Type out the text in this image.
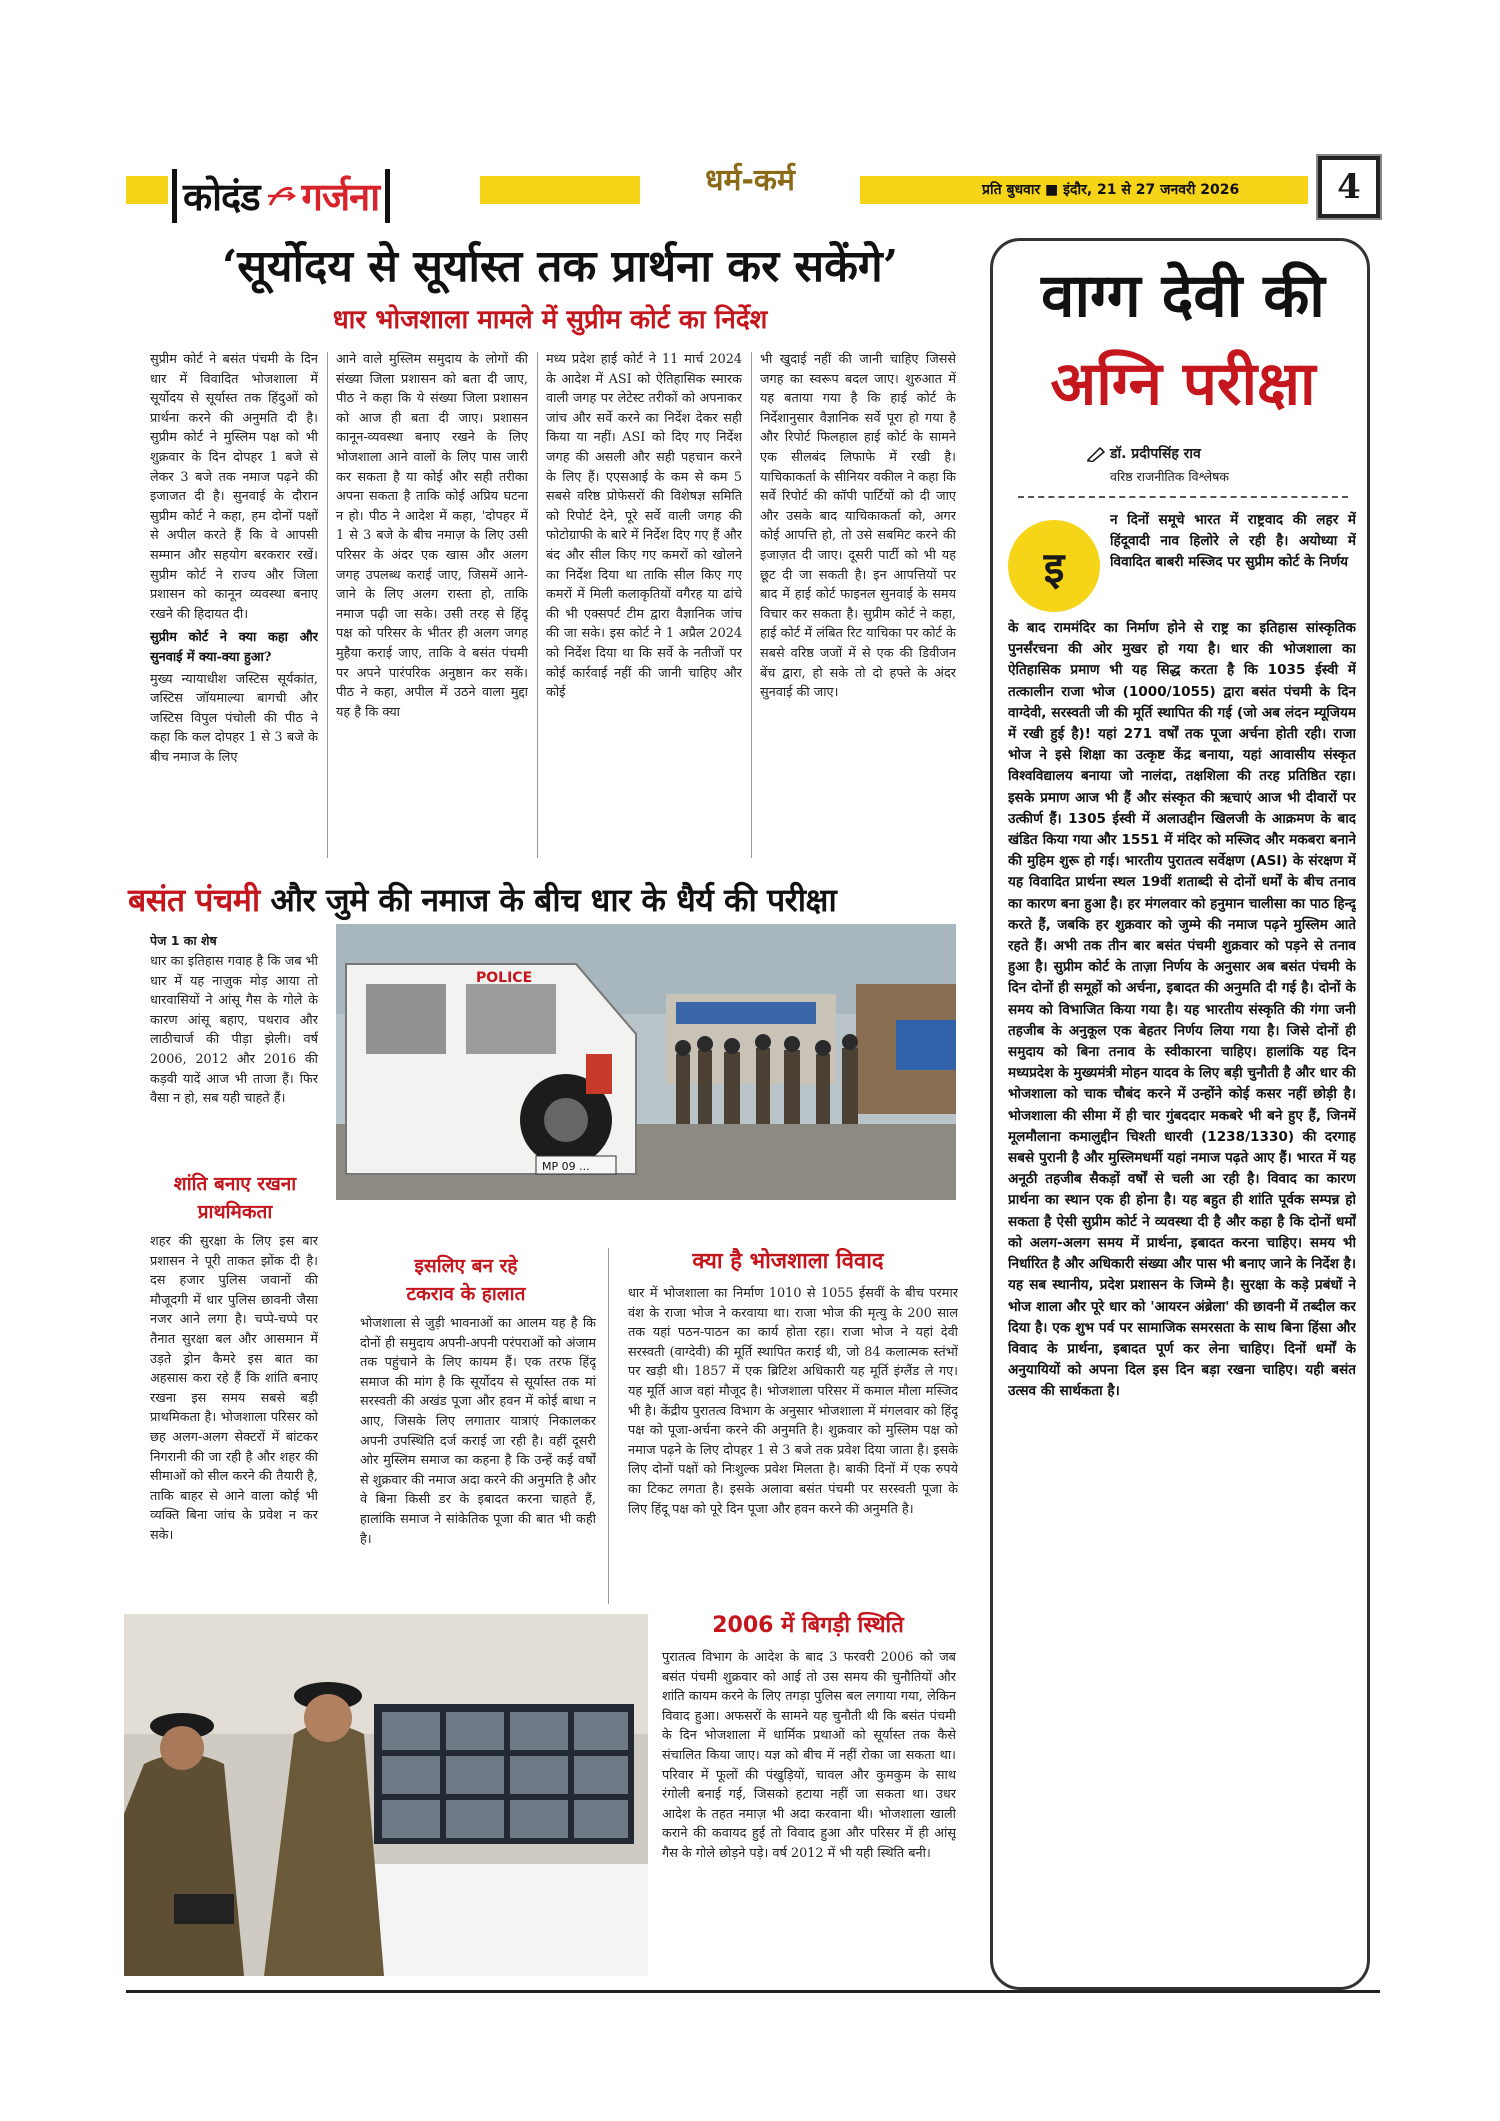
कोदंड गर्जना	धर्म-कर्म	प्रति बुधवार ■ इंदौर, 21 से 27 जनवरी 2026	4
‘सूर्योदय से सूर्यास्त तक प्रार्थना कर सकेंगे’
धार भोजशाला मामले में सुप्रीम कोर्ट का निर्देश

सुप्रीम कोर्ट ने बसंत पंचमी के दिन धार में विवादित भोजशाला में सूर्योदय से सूर्यास्त तक हिंदुओं को प्रार्थना करने की अनुमति दी है। सुप्रीम कोर्ट ने मुस्लिम पक्ष को भी शुक्रवार के दिन दोपहर 1 बजे से लेकर 3 बजे तक नमाज पढ़ने की इजाजत दी है। सुनवाई के दौरान सुप्रीम कोर्ट ने कहा, हम दोनों पक्षों से अपील करते हैं कि वे आपसी सम्मान और सहयोग बरकरार रखें। सुप्रीम कोर्ट ने राज्य और जिला प्रशासन को कानून व्यवस्था बनाए रखने की हिदायत दी।

सुप्रीम कोर्ट ने क्या कहा और सुनवाई में क्या-क्या हुआ?

मुख्य न्यायाधीश जस्टिस सूर्यकांत, जस्टिस जॉयमाल्या बागची और जस्टिस विपुल पंचोली की पीठ ने कहा कि कल दोपहर 1 से 3 बजे के बीच नमाज के लिए

आने वाले मुस्लिम समुदाय के लोगों की संख्या जिला प्रशासन को बता दी जाए, पीठ ने कहा कि ये संख्या जिला प्रशासन को आज ही बता दी जाए। प्रशासन कानून-व्यवस्था बनाए रखने के लिए भोजशाला आने वालों के लिए पास जारी कर सकता है या कोई और सही तरीका अपना सकता है ताकि कोई अप्रिय घटना न हो। पीठ ने आदेश में कहा, 'दोपहर में 1 से 3 बजे के बीच नमाज़ के लिए उसी परिसर के अंदर एक खास और अलग जगह उपलब्ध कराई जाए, जिसमें आने-जाने के लिए अलग रास्ता हो, ताकि नमाज पढ़ी जा सके। उसी तरह से हिंदू पक्ष को परिसर के भीतर ही अलग जगह मुहैया कराई जाए, ताकि वे बसंत पंचमी पर अपने पारंपरिक अनुष्ठान कर सकें। पीठ ने कहा, अपील में उठने वाला मुद्दा यह है कि क्या

मध्य प्रदेश हाई कोर्ट ने 11 मार्च 2024 के आदेश में ASI को ऐतिहासिक स्मारक वाली जगह पर लेटेस्ट तरीकों को अपनाकर जांच और सर्वे करने का निर्देश देकर सही किया या नहीं। ASI को दिए गए निर्देश जगह की असली और सही पहचान करने के लिए हैं। एएसआई के कम से कम 5 सबसे वरिष्ठ प्रोफेसरों की विशेषज्ञ समिति को रिपोर्ट देने, पूरे सर्वे वाली जगह की फोटोग्राफी के बारे में निर्देश दिए गए हैं और बंद और सील किए गए कमरों को खोलने का निर्देश दिया था ताकि सील किए गए कमरों में मिली कलाकृतियों वगैरह या ढांचे की भी एक्सपर्ट टीम द्वारा वैज्ञानिक जांच की जा सके। इस कोर्ट ने 1 अप्रैल 2024 को निर्देश दिया था कि सर्वे के नतीजों पर कोई कार्रवाई नहीं की जानी चाहिए और कोई

भी खुदाई नहीं की जानी चाहिए जिससे जगह का स्वरूप बदल जाए। शुरुआत में यह बताया गया है कि हाई कोर्ट के निर्देशानुसार वैज्ञानिक सर्वे पूरा हो गया है और रिपोर्ट फिलहाल हाई कोर्ट के सामने एक सीलबंद लिफाफे में रखी है। याचिकाकर्ता के सीनियर वकील ने कहा कि सर्वे रिपोर्ट की कॉपी पार्टियों को दी जाए और उसके बाद याचिकाकर्ता को, अगर कोई आपत्ति हो, तो उसे सबमिट करने की इजाज़त दी जाए। दूसरी पार्टी को भी यह छूट दी जा सकती है। इन आपत्तियों पर बाद में हाई कोर्ट फाइनल सुनवाई के समय विचार कर सकता है। सुप्रीम कोर्ट ने कहा, हाई कोर्ट में लंबित रिट याचिका पर कोर्ट के सबसे वरिष्ठ जजों में से एक की डिवीजन बेंच द्वारा, हो सके तो दो हफ्ते के अंदर सुनवाई की जाए।

बसंत पंचमी और जुमे की नमाज के बीच धार के धैर्य की परीक्षा
पेज 1 का शेष

धार का इतिहास गवाह है कि जब भी धार में यह नाज़ुक मोड़ आया तो धारवासियों ने आंसू गैस के गोले के कारण आंसू बहाए, पथराव और लाठीचार्ज की पीड़ा झेली। वर्ष 2006, 2012 और 2016 की कड़वी यादें आज भी ताजा हैं। फिर वैसा न हो, सब यही चाहते हैं।

POLICE
MP 09 ...
शांति बनाए रखना
प्राथमिकता

शहर की सुरक्षा के लिए इस बार प्रशासन ने पूरी ताकत झोंक दी है। दस हजार पुलिस जवानों की मौजूदगी में धार पुलिस छावनी जैसा नजर आने लगा है। चप्पे-चप्पे पर तैनात सुरक्षा बल और आसमान में उड़ते ड्रोन कैमरे इस बात का अहसास करा रहे हैं कि शांति बनाए रखना इस समय सबसे बड़ी प्राथमिकता है। भोजशाला परिसर को छह अलग-अलग सेक्टरों में बांटकर निगरानी की जा रही है और शहर की सीमाओं को सील करने की तैयारी है, ताकि बाहर से आने वाला कोई भी व्यक्ति बिना जांच के प्रवेश न कर सके।

इसलिए बन रहे
टकराव के हालात

भोजशाला से जुड़ी भावनाओं का आलम यह है कि दोनों ही समुदाय अपनी-अपनी परंपराओं को अंजाम तक पहुंचाने के लिए कायम हैं। एक तरफ हिंदू समाज की मांग है कि सूर्योदय से सूर्यास्त तक मां सरस्वती की अखंड पूजा और हवन में कोई बाधा न आए, जिसके लिए लगातार यात्राएं निकालकर अपनी उपस्थिति दर्ज कराई जा रही है। वहीं दूसरी ओर मुस्लिम समाज का कहना है कि उन्हें कई वर्षों से शुक्रवार की नमाज अदा करने की अनुमति है और वे बिना किसी डर के इबादत करना चाहते हैं, हालांकि समाज ने सांकेतिक पूजा की बात भी कही है।

क्या है भोजशाला विवाद

धार में भोजशाला का निर्माण 1010 से 1055 ईसवीं के बीच परमार वंश के राजा भोज ने करवाया था। राजा भोज की मृत्यु के 200 साल तक यहां पठन-पाठन का कार्य होता रहा। राजा भोज ने यहां देवी सरस्वती (वाग्देवी) की मूर्ति स्थापित कराई थी, जो 84 कलात्मक स्तंभों पर खड़ी थी। 1857 में एक ब्रिटिश अधिकारी यह मूर्ति इंग्लैंड ले गए। यह मूर्ति आज वहां मौजूद है। भोजशाला परिसर में कमाल मौला मस्जिद भी है। केंद्रीय पुरातत्व विभाग के अनुसार भोजशाला में मंगलवार को हिंदू पक्ष को पूजा-अर्चना करने की अनुमति है। शुक्रवार को मुस्लिम पक्ष को नमाज पढ़ने के लिए दोपहर 1 से 3 बजे तक प्रवेश दिया जाता है। इसके लिए दोनों पक्षों को निःशुल्क प्रवेश मिलता है। बाकी दिनों में एक रुपये का टिकट लगता है। इसके अलावा बसंत पंचमी पर सरस्वती पूजा के लिए हिंदू पक्ष को पूरे दिन पूजा और हवन करने की अनुमति है।

2006 में बिगड़ी स्थिति

पुरातत्व विभाग के आदेश के बाद 3 फरवरी 2006 को जब बसंत पंचमी शुक्रवार को आई तो उस समय की चुनौतियों और शांति कायम करने के लिए तगड़ा पुलिस बल लगाया गया, लेकिन विवाद हुआ। अफसरों के सामने यह चुनौती थी कि बसंत पंचमी के दिन भोजशाला में धार्मिक प्रथाओं को सूर्यास्त तक कैसे संचालित किया जाए। यज्ञ को बीच में नहीं रोका जा सकता था। परिवार में फूलों की पंखुड़ियों, चावल और कुमकुम के साथ रंगोली बनाई गई, जिसको हटाया नहीं जा सकता था। उधर आदेश के तहत नमाज़ भी अदा करवाना थी। भोजशाला खाली कराने की कवायद हुई तो विवाद हुआ और परिसर में ही आंसू गैस के गोले छोड़ने पड़े। वर्ष 2012 में भी यही स्थिति बनी।

वाग्ग देवी की
अग्नि परीक्षा
डॉ. प्रदीपसिंह राव
वरिष्ठ राजनीतिक विश्लेषक
इ
न दिनों समूचे भारत में राष्ट्रवाद की लहर में हिंदूवादी नाव हिलोरे ले रही है। अयोध्या में विवादित बाबरी मस्जिद पर सुप्रीम कोर्ट के निर्णय
के बाद राममंदिर का निर्माण होने से राष्ट्र का इतिहास सांस्कृतिक पुनर्संरचना की ओर मुखर हो गया है। धार की भोजशाला का ऐतिहासिक प्रमाण भी यह सिद्ध करता है कि 1035 ईस्वी में तत्कालीन राजा भोज (1000/1055) द्वारा बसंत पंचमी के दिन वाग्देवी, सरस्वती जी की मूर्ति स्थापित की गई (जो अब लंदन म्यूजियम में रखी हुई है)! यहां 271 वर्षों तक पूजा अर्चना होती रही। राजा भोज ने इसे शिक्षा का उत्कृष्ट केंद्र बनाया, यहां आवासीय संस्कृत विश्वविद्यालय बनाया जो नालंदा, तक्षशिला की तरह प्रतिष्ठित रहा। इसके प्रमाण आज भी हैं और संस्कृत की ऋचाएं आज भी दीवारों पर उत्कीर्ण हैं। 1305 ईस्वी में अलाउद्दीन खिलजी के आक्रमण के बाद खंडित किया गया और 1551 में मंदिर को मस्जिद और मकबरा बनाने की मुहिम शुरू हो गई। भारतीय पुरातत्व सर्वेक्षण (ASI) के संरक्षण में यह विवादित प्रार्थना स्थल 19वीं शताब्दी से दोनों धर्मों के बीच तनाव का कारण बना हुआ है। हर मंगलवार को हनुमान चालीसा का पाठ हिन्दू करते हैं, जबकि हर शुक्रवार को जुम्मे की नमाज पढ़ने मुस्लिम आते रहते हैं। अभी तक तीन बार बसंत पंचमी शुक्रवार को पड़ने से तनाव हुआ है। सुप्रीम कोर्ट के ताज़ा निर्णय के अनुसार अब बसंत पंचमी के दिन दोनों ही समूहों को अर्चना, इबादत की अनुमति दी गई है। दोनों के समय को विभाजित किया गया है। यह भारतीय संस्कृति की गंगा जनी तहजीब के अनुकूल एक बेहतर निर्णय लिया गया है। जिसे दोनों ही समुदाय को बिना तनाव के स्वीकारना चाहिए। हालांकि यह दिन मध्यप्रदेश के मुख्यमंत्री मोहन यादव के लिए बड़ी चुनौती है और धार की भोजशाला को चाक चौबंद करने में उन्होंने कोई कसर नहीं छोड़ी है। भोजशाला की सीमा में ही चार गुंबददार मकबरे भी बने हुए हैं, जिनमें मूलमौलाना कमालुद्दीन चिश्ती धारवी (1238/1330) की दरगाह सबसे पुरानी है और मुस्लिमधर्मी यहां नमाज पढ़ते आए हैं। भारत में यह अनूठी तहजीब सैकड़ों वर्षों से चली आ रही है। विवाद का कारण प्रार्थना का स्थान एक ही होना है। यह बहुत ही शांति पूर्वक सम्पन्न हो सकता है ऐसी सुप्रीम कोर्ट ने व्यवस्था दी है और कहा है कि दोनों धर्मों को अलग-अलग समय में प्रार्थना, इबादत करना चाहिए। समय भी निर्धारित है और अधिकारी संख्या और पास भी बनाए जाने के निर्देश है। यह सब स्थानीय, प्रदेश प्रशासन के जिम्मे है। सुरक्षा के कड़े प्रबंधों ने भोज शाला और पूरे धार को 'आयरन अंब्रेला' की छावनी में तब्दील कर दिया है। एक शुभ पर्व पर सामाजिक समरसता के साथ बिना हिंसा और विवाद के प्रार्थना, इबादत पूर्ण कर लेना चाहिए। दिनों धर्मों के अनुयायियों को अपना दिल इस दिन बड़ा रखना चाहिए। यही बसंत उत्सव की सार्थकता है।
